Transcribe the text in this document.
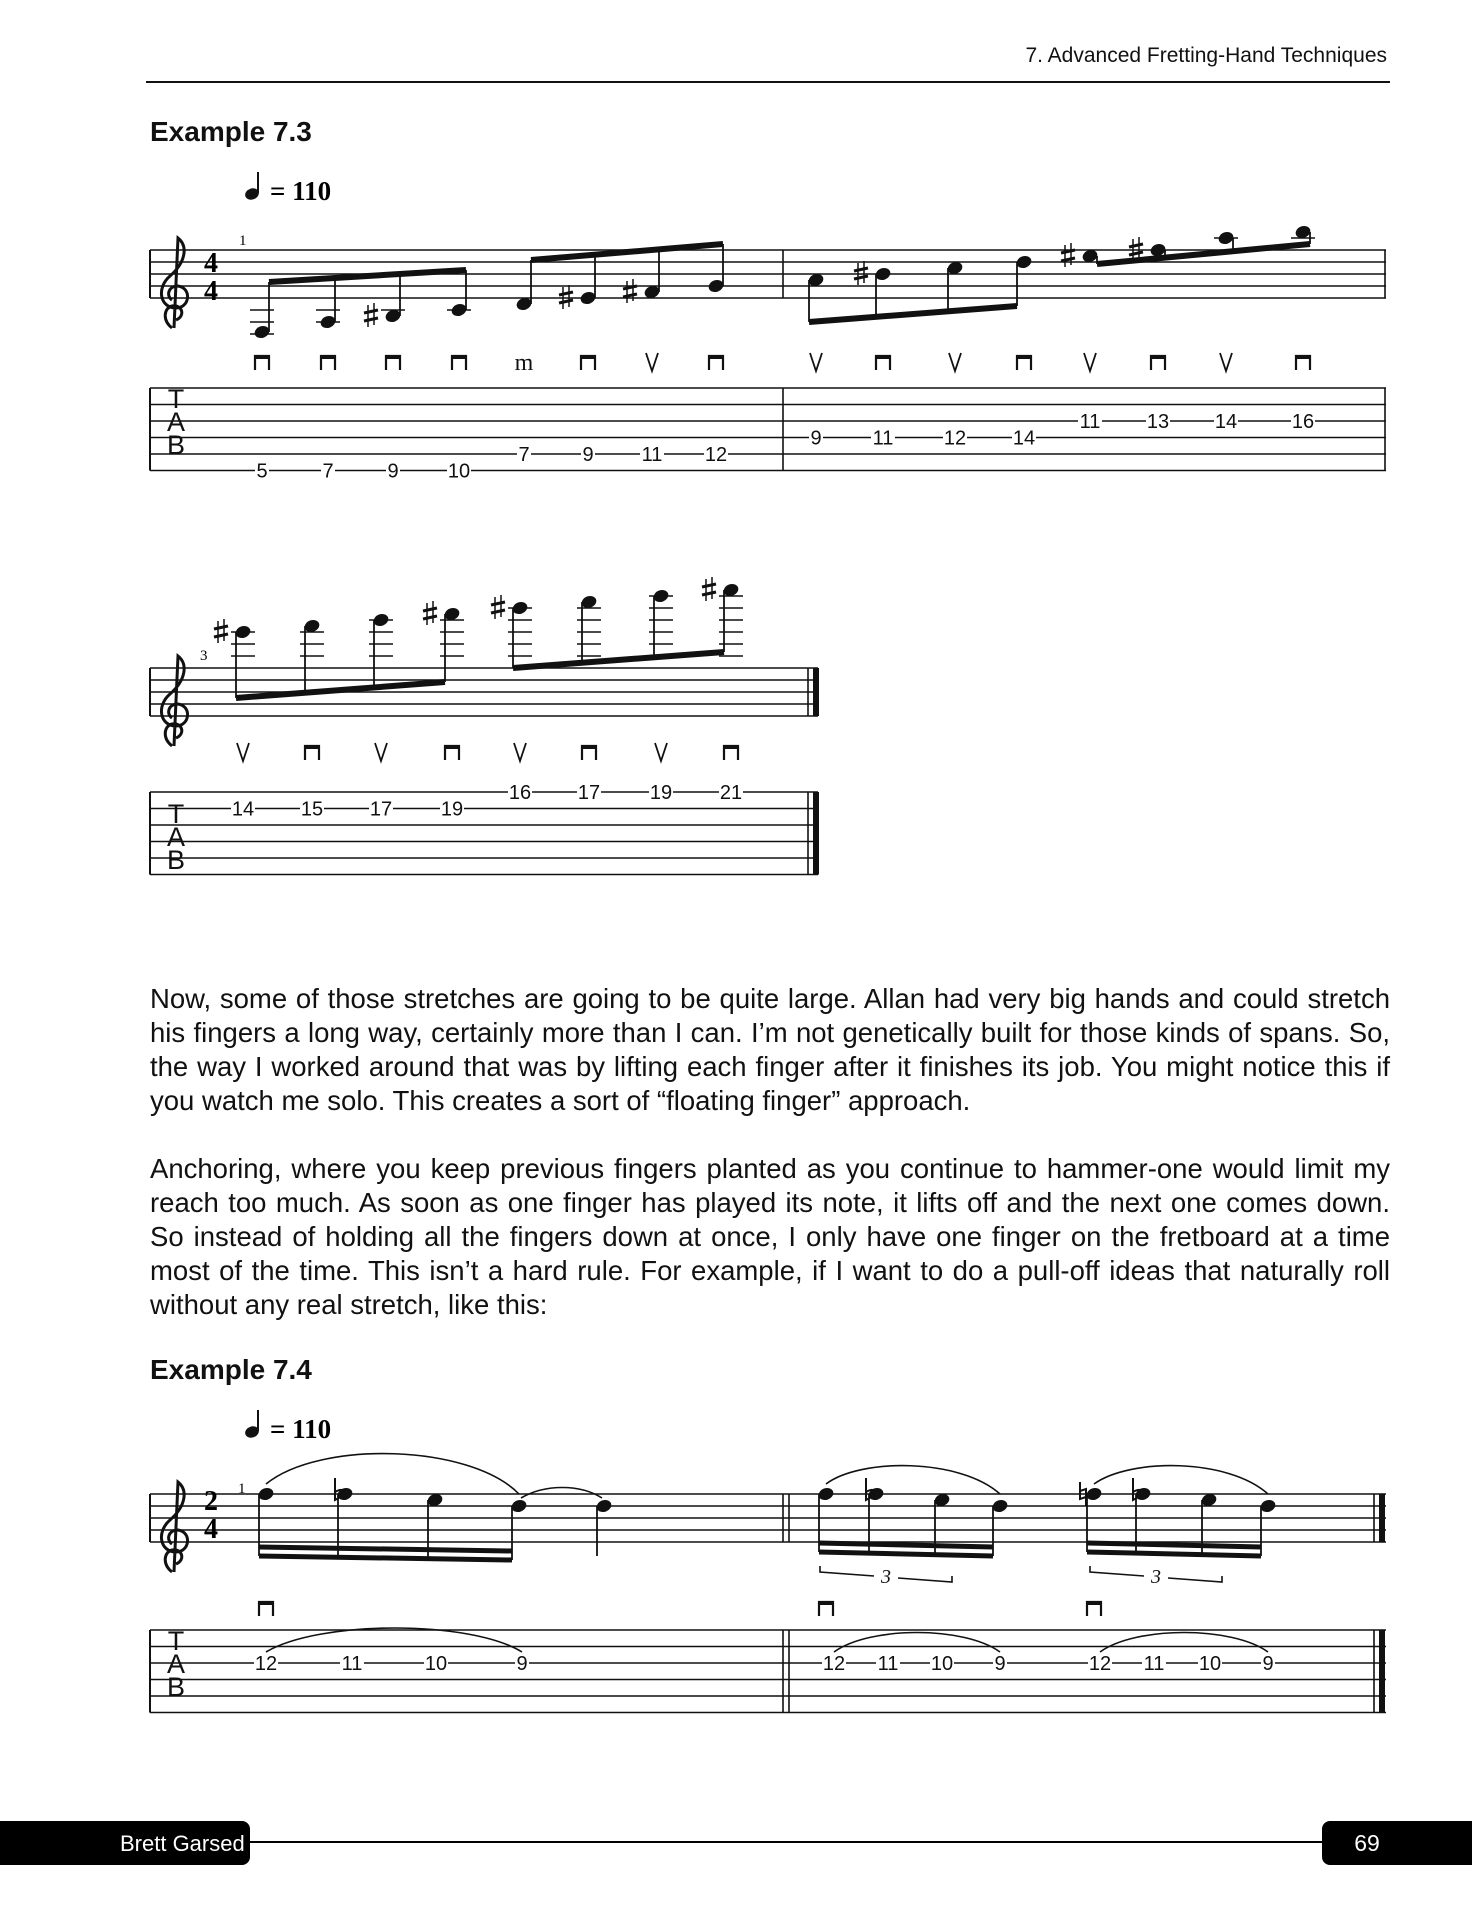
7. Advanced Fretting-Hand Techniques
Example 7.3
Example 7.4
Now, some of those stretches are going to be quite large. Allan had very big hands and could stretch his fingers a long way, certainly more than I can. I’m not genetically built for those kinds of spans. So, the way I worked around that was by lifting each finger after it finishes its job. You might notice this if you watch me solo. This creates a sort of “floating finger” approach.
Anchoring, where you keep previous fingers planted as you continue to hammer-one would limit my reach too much. As soon as one finger has played its note, it lifts off and the next one comes down. So instead of holding all the fingers down at once, I only have one finger on the fretboard at a time most of the time. This isn’t a hard rule. For example, if I want to do a pull-off ideas that naturally roll without any real stretch, like this:
= 110
1
4
4
m
T
A
B
5	7	9 10
7	9 11 12
9	11	12 14
11 13 14	16
3
T
A
B
14 15 17 19
16 17 19 21
= 110
1
2
4
3	3
T
A
B
12	11	10	9	12 11 10 9	12 11 10 9
Brett Garsed	69
